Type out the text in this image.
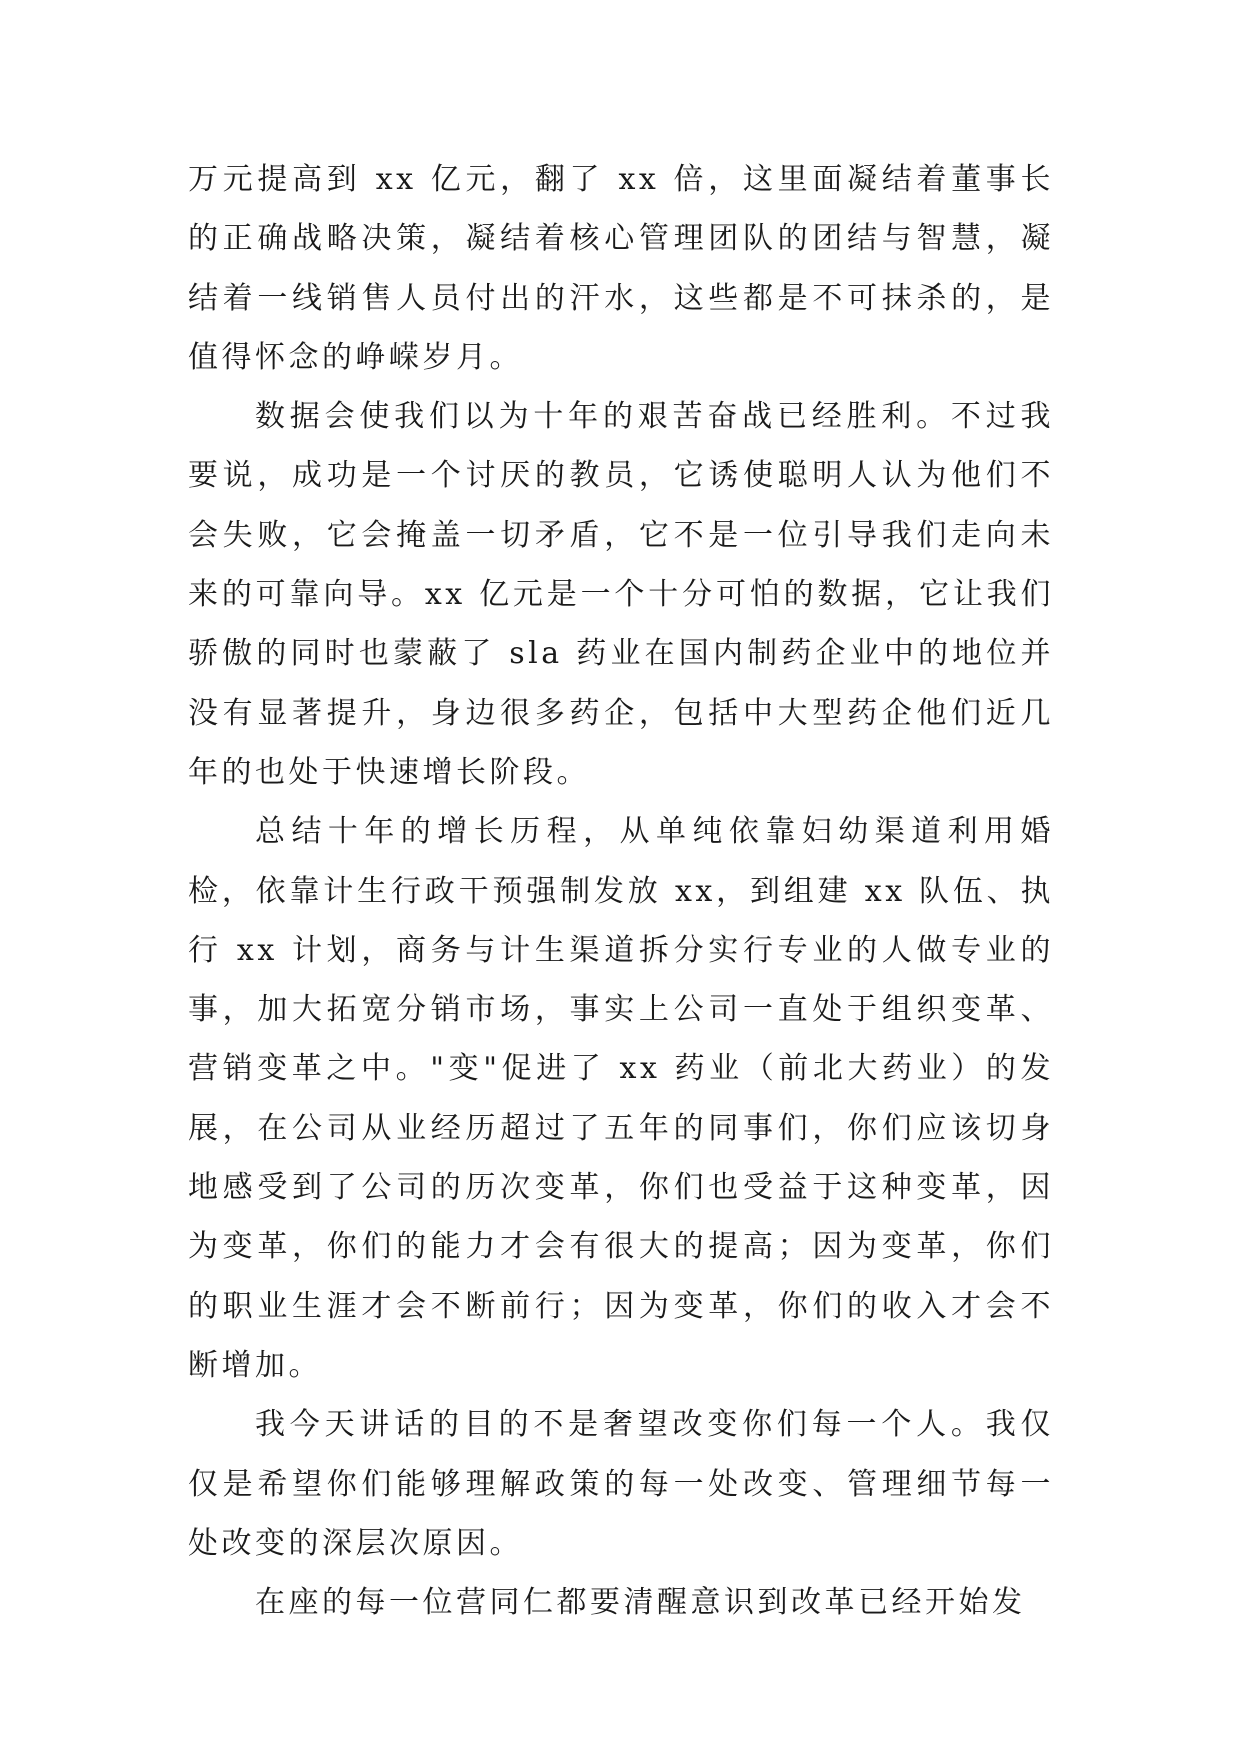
万元提高到 xx 亿元，翻了 xx 倍，这里面凝结着董事长的正确战略决策，凝结着核心管理团队的团结与智慧，凝结着一线销售人员付出的汗水，这些都是不可抹杀的，是值得怀念的峥嵘岁月。

数据会使我们以为十年的艰苦奋战已经胜利。不过我要说，成功是一个讨厌的教员，它诱使聪明人认为他们不会失败，它会掩盖一切矛盾，它不是一位引导我们走向未来的可靠向导。xx 亿元是一个十分可怕的数据，它让我们骄傲的同时也蒙蔽了 sla 药业在国内制药企业中的地位并没有显著提升，身边很多药企，包括中大型药企他们近几年的也处于快速增长阶段。

总结十年的增长历程，从单纯依靠妇幼渠道利用婚检，依靠计生行政干预强制发放 xx，到组建 xx 队伍、执行 xx 计划，商务与计生渠道拆分实行专业的人做专业的事，加大拓宽分销市场，事实上公司一直处于组织变革、营销变革之中。"变"促进了 xx 药业（前北大药业）的发展，在公司从业经历超过了五年的同事们，你们应该切身地感受到了公司的历次变革，你们也受益于这种变革，因为变革，你们的能力才会有很大的提高；因为变革，你们的职业生涯才会不断前行；因为变革，你们的收入才会不断增加。

我今天讲话的目的不是奢望改变你们每一个人。我仅仅是希望你们能够理解政策的每一处改变、管理细节每一处改变的深层次原因。

在座的每一位营同仁都要清醒意识到改革已经开始发
